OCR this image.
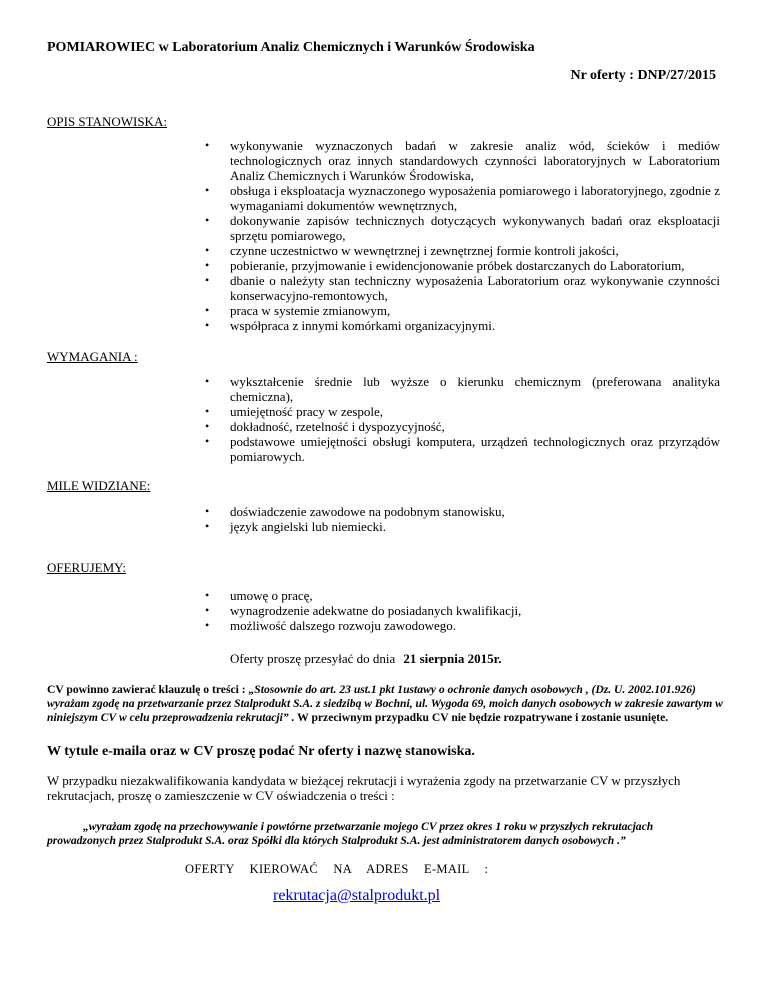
POMIAROWIEC w Laboratorium Analiz Chemicznych i Warunków Środowiska
Nr oferty : DNP/27/2015
OPIS STANOWISKA:
• wykonywanie wyznaczonych badań w zakresie analiz wód, ścieków i mediów technologicznych oraz innych standardowych czynności laboratoryjnych w Laboratorium Analiz Chemicznych i Warunków Środowiska,
• obsługa i eksploatacja wyznaczonego wyposażenia pomiarowego i laboratoryjnego, zgodnie z wymaganiami dokumentów wewnętrznych,
• dokonywanie zapisów technicznych dotyczących wykonywanych badań oraz eksploatacji sprzętu pomiarowego,
• czynne uczestnictwo w wewnętrznej i zewnętrznej formie kontroli jakości,
• pobieranie, przyjmowanie i ewidencjonowanie próbek dostarczanych do Laboratorium,
• dbanie o należyty stan techniczny wyposażenia Laboratorium oraz wykonywanie czynności konserwacyjno-remontowych,
• praca w systemie zmianowym,
• współpraca z innymi komórkami organizacyjnymi.
WYMAGANIA :
• wykształcenie średnie lub wyższe o kierunku chemicznym (preferowana analityka chemiczna),
• umiejętność pracy w zespole,
• dokładność, rzetelność i dyspozycyjność,
• podstawowe umiejętności obsługi komputera, urządzeń technologicznych oraz przyrządów pomiarowych.
MILE WIDZIANE:
• doświadczenie zawodowe na podobnym stanowisku,
• język angielski lub niemiecki.
OFERUJEMY:
• umowę o pracę,
• wynagrodzenie adekwatne do posiadanych kwalifikacji,
• możliwość dalszego rozwoju zawodowego.
Oferty proszę przesyłać do dnia 21 sierpnia 2015r.
CV powinno zawierać klauzulę o treści : „Stosownie do art. 23 ust.1 pkt 1ustawy o ochronie danych osobowych , (Dz. U. 2002.101.926) wyrażam zgodę na przetwarzanie przez Stalprodukt S.A. z siedzibą w Bochni, ul. Wygoda 69, moich danych osobowych w zakresie zawartym w niniejszym CV w celu przeprowadzenia rekrutacji” . W przeciwnym przypadku CV nie będzie rozpatrywane i zostanie usunięte.
W tytule e-maila oraz w CV proszę podać Nr oferty i nazwę stanowiska.
W przypadku niezakwalifikowania kandydata w bieżącej rekrutacji i wyrażenia zgody na przetwarzanie CV w przyszłych rekrutacjach, proszę o zamieszczenie w CV oświadczenia o treści :
„wyrażam zgodę na przechowywanie i powtórne przetwarzanie mojego CV przez okres 1 roku w przyszłych rekrutacjach prowadzonych przez Stalprodukt S.A. oraz Spółki dla których Stalprodukt S.A. jest administratorem danych osobowych .”
OFERTY KIEROWAĆ NA ADRES E-MAIL :
rekrutacja@stalprodukt.pl
